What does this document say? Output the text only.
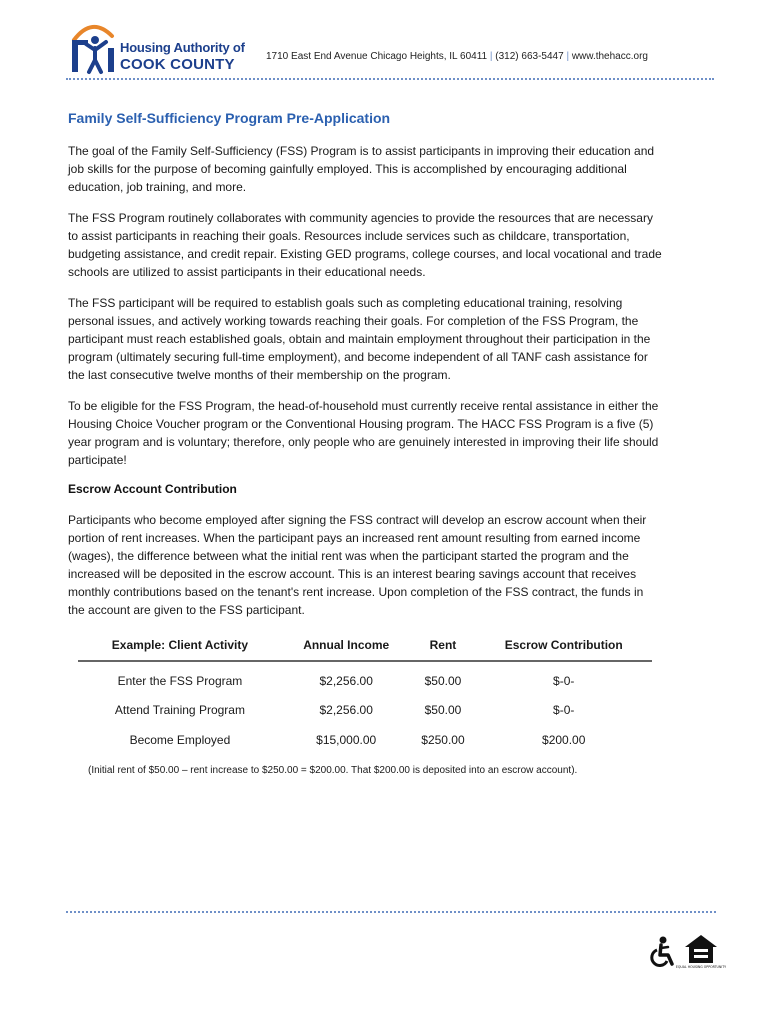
Housing Authority of
COOK COUNTY	1710 East End Avenue Chicago Heights, IL 60411 | (312) 663-5447 | www.thehacc.org
Family Self-Sufficiency Program Pre-Application

The goal of the Family Self-Sufficiency (FSS) Program is to assist participants in improving their education and job skills for the purpose of becoming gainfully employed. This is accomplished by encouraging additional education, job training, and more.

The FSS Program routinely collaborates with community agencies to provide the resources that are necessary to assist participants in reaching their goals. Resources include services such as childcare, transportation, budgeting assistance, and credit repair. Existing GED programs, college courses, and local vocational and trade schools are utilized to assist participants in their educational needs.

The FSS participant will be required to establish goals such as completing educational training, resolving personal issues, and actively working towards reaching their goals. For completion of the FSS Program, the participant must reach established goals, obtain and maintain employment throughout their participation in the program (ultimately securing full-time employment), and become independent of all TANF cash assistance for the last consecutive twelve months of their membership on the program.

To be eligible for the FSS Program, the head-of-household must currently receive rental assistance in either the Housing Choice Voucher program or the Conventional Housing program. The HACC FSS Program is a five (5) year program and is voluntary; therefore, only people who are genuinely interested in improving their life should participate!

Escrow Account Contribution

Participants who become employed after signing the FSS contract will develop an escrow account when their portion of rent increases. When the participant pays an increased rent amount resulting from earned income (wages), the difference between what the initial rent was when the participant started the program and the increased will be deposited in the escrow account. This is an interest bearing savings account that receives monthly contributions based on the tenant's rent increase. Upon completion of the FSS contract, the funds in the account are given to the FSS participant.

Example: Client Activity	Annual Income	Rent	Escrow Contribution
Enter the FSS Program	$2,256.00	$50.00	$-0-
Attend Training Program	$2,256.00	$50.00	$-0-
Become Employed	$15,000.00	$250.00	$200.00
(Initial rent of $50.00 – rent increase to $250.00 = $200.00. That $200.00 is deposited into an escrow account).
EQUAL HOUSING OPPORTUNITY
